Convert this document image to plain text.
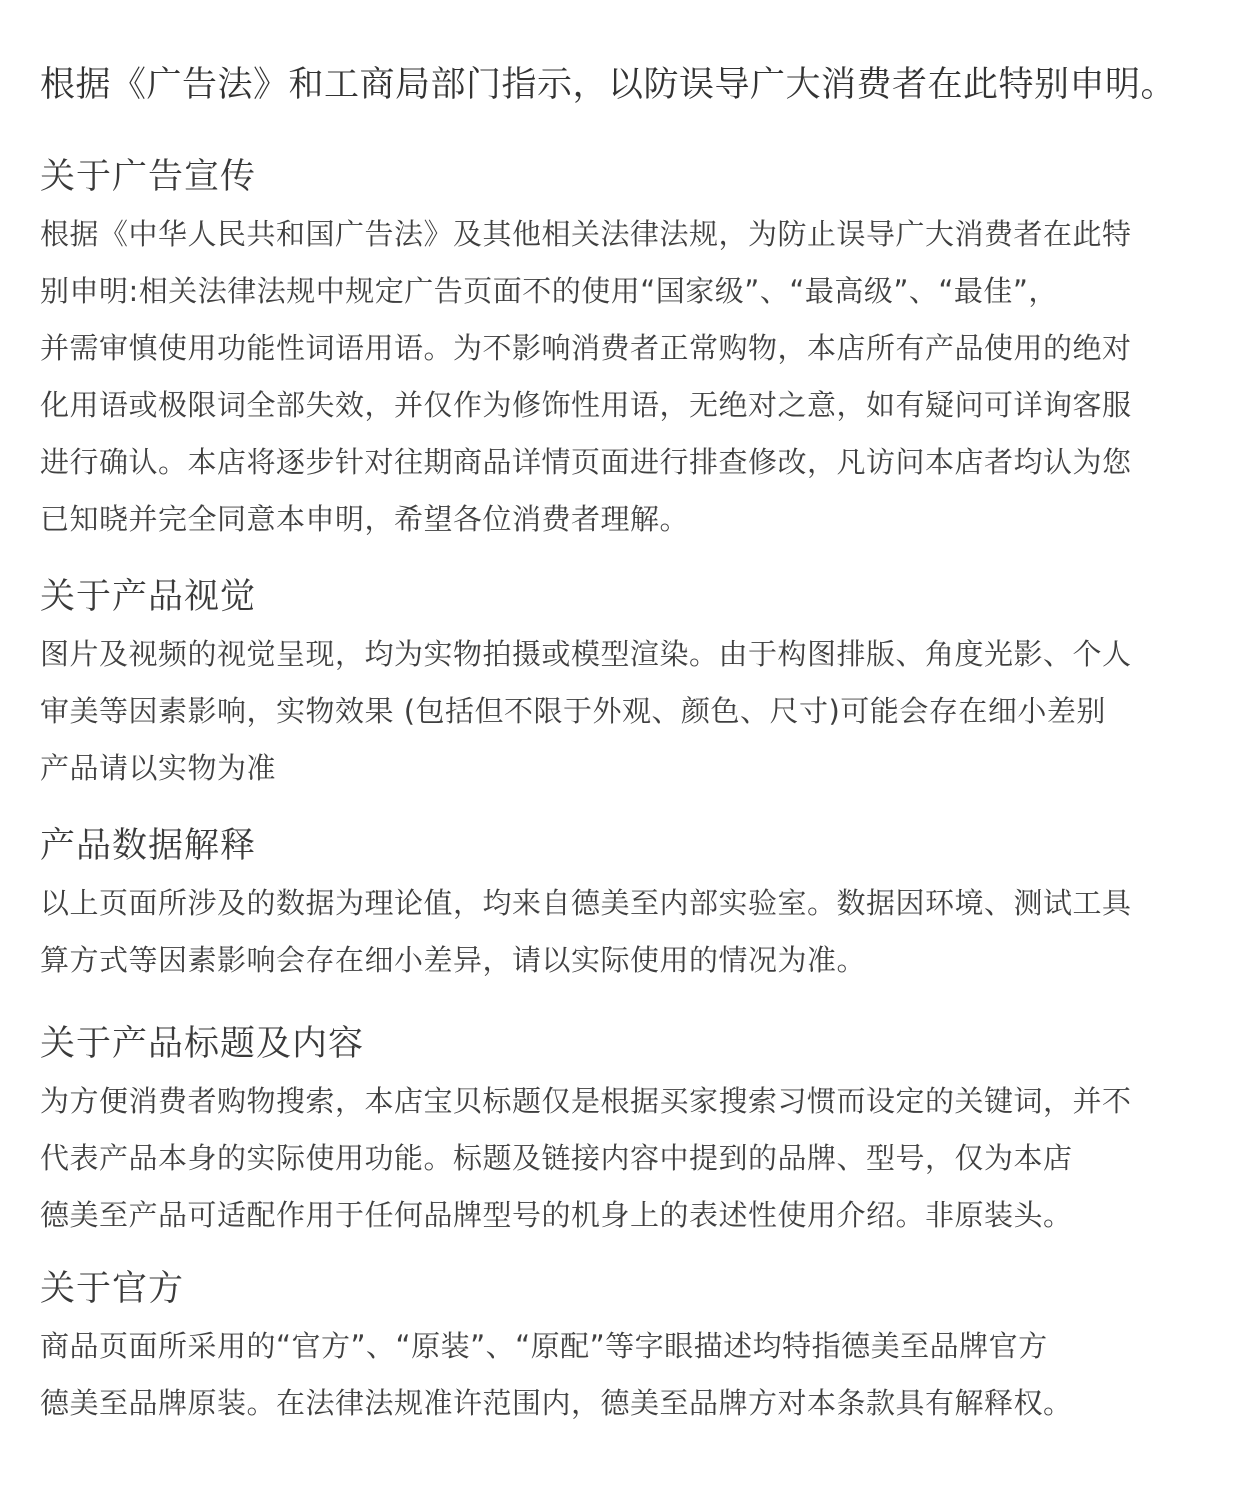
根据《广告法》和工商局部门指示，以防误导广大消费者在此特别申明。
关于广告宣传
根据《中华人民共和国广告法》及其他相关法律法规，为防止误导广大消费者在此特
别申明:相关法律法规中规定广告页面不的使用“国家级”、“最高级”、“最佳”，
并需审慎使用功能性词语用语。为不影响消费者正常购物，本店所有产品使用的绝对
化用语或极限词全部失效，并仅作为修饰性用语，无绝对之意，如有疑问可详询客服
进行确认。本店将逐步针对往期商品详情页面进行排查修改，凡访问本店者均认为您
已知晓并完全同意本申明，希望各位消费者理解。
关于产品视觉
图片及视频的视觉呈现，均为实物拍摄或模型渲染。由于构图排版、角度光影、个人
审美等因素影响，实物效果 (包括但不限于外观、颜色、尺寸)可能会存在细小差别
产品请以实物为准
产品数据解释
以上页面所涉及的数据为理论值，均来自德美至内部实验室。数据因环境、测试工具
算方式等因素影响会存在细小差异，请以实际使用的情况为准。
关于产品标题及内容
为方便消费者购物搜索，本店宝贝标题仅是根据买家搜索习惯而设定的关键词，并不
代表产品本身的实际使用功能。标题及链接内容中提到的品牌、型号，仅为本店
德美至产品可适配作用于任何品牌型号的机身上的表述性使用介绍。非原装头。
关于官方
商品页面所采用的“官方”、“原装”、“原配”等字眼描述均特指德美至品牌官方
德美至品牌原装。在法律法规准许范围内，德美至品牌方对本条款具有解释权。
